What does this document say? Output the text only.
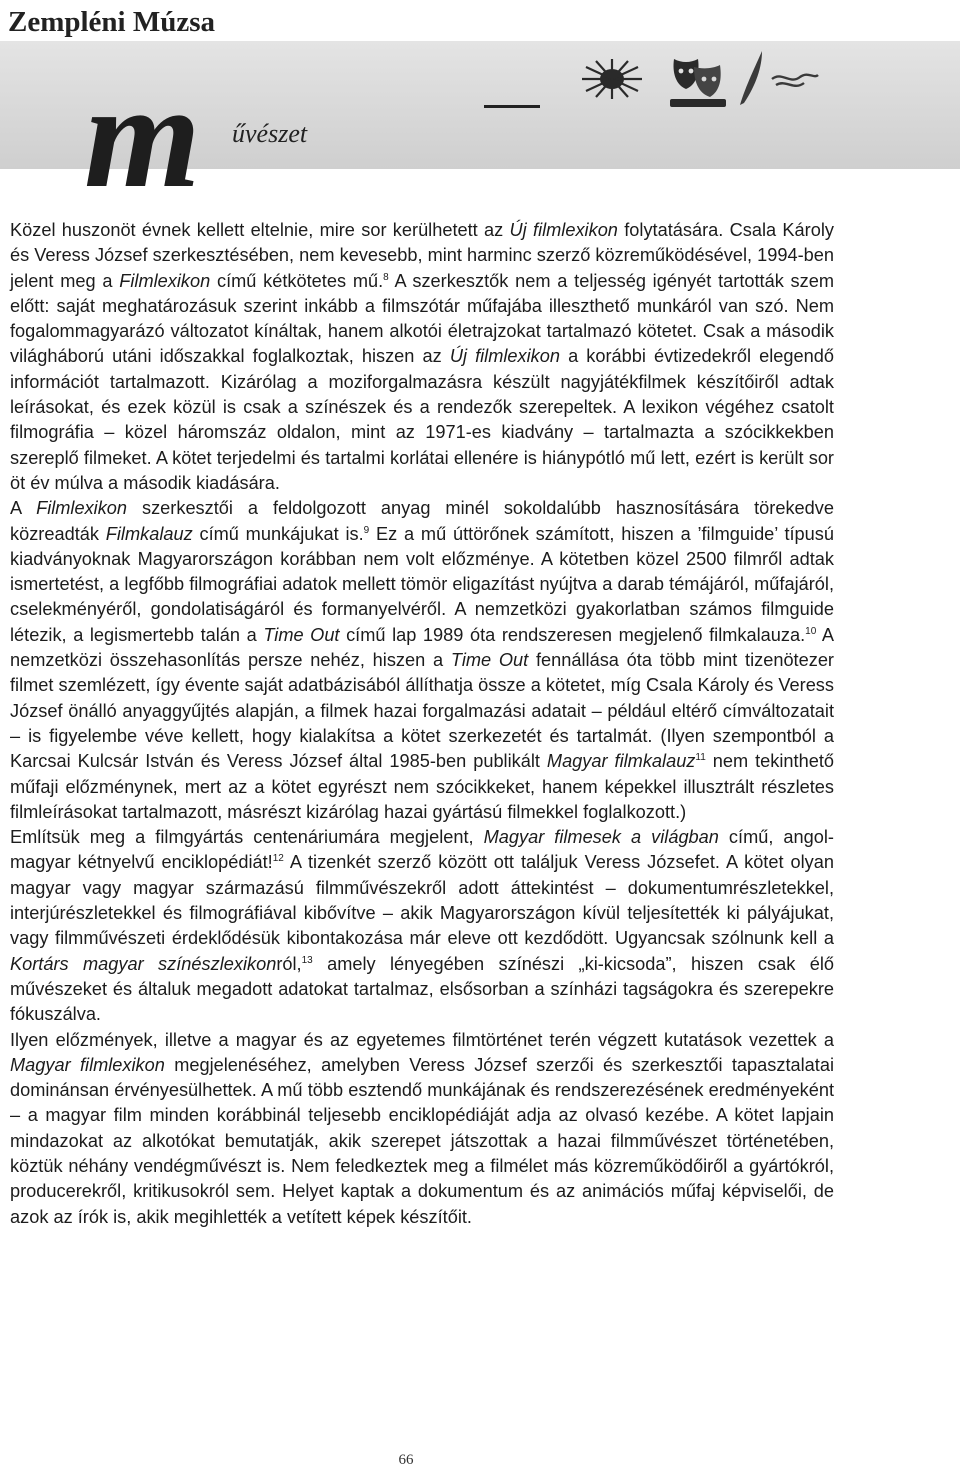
Zempléni Múzsa
m űvészet

Közel huszonöt évnek kellett eltelnie, mire sor kerülhetett az Új filmlexikon folytatására. Csala Károly és Veress József szerkesztésében, nem kevesebb, mint harminc szerző közreműködésével, 1994-ben jelent meg a Filmlexikon című kétkötetes mű.$^8$ A szerkesztők nem a teljesség igényét tartották szem előtt: saját meghatározásuk szerint inkább a filmszótár műfajába illeszthető munkáról van szó. Nem fogalommagyarázó változatot kínáltak, hanem alkotói életrajzokat tartalmazó kötetet. Csak a második világháború utáni időszakkal foglalkoztak, hiszen az Új filmlexikon a korábbi évtizedekről elegendő információt tartalmazott. Kizárólag a moziforgalmazásra készült nagyjátékfilmek készítőiről adtak leírásokat, és ezek közül is csak a színészek és a rendezők szerepeltek. A lexikon végéhez csatolt filmográfia – közel háromszáz oldalon, mint az 1971-es kiadvány – tartalmazta a szócikkekben szereplő filmeket. A kötet terjedelmi és tartalmi korlátai ellenére is hiánypótló mű lett, ezért is került sor öt év múlva a második kiadására.

A Filmlexikon szerkesztői a feldolgozott anyag minél sokoldalúbb hasznosítására törekedve közreadták Filmkalauz című munkájukat is.$^9$ Ez a mű úttörőnek számított, hiszen a ’filmguide’ típusú kiadványoknak Magyarországon korábban nem volt előzménye. A kötetben közel 2500 filmről adtak ismertetést, a legfőbb filmográfiai adatok mellett tömör eligazítást nyújtva a darab témájáról, műfajáról, cselekményéről, gondolatiságáról és formanyelvéről. A nemzetközi gyakorlatban számos filmguide létezik, a legismertebb talán a Time Out című lap 1989 óta rendszeresen megjelenő filmkalauza.$^{10}$ A nemzetközi összehasonlítás persze nehéz, hiszen a Time Out fennállása óta több mint tizenötezer filmet szemlézett, így évente saját adatbázisából állíthatja össze a kötetet, míg Csala Károly és Veress József önálló anyaggyűjtés alapján, a filmek hazai forgalmazási adatait – például eltérő címváltozatait – is figyelembe véve kellett, hogy kialakítsa a kötet szerkezetét és tartalmát. (Ilyen szempontból a Karcsai Kulcsár István és Veress József által 1985-ben publikált Magyar filmkalauz$^{11}$ nem tekinthető műfaji előzménynek, mert az a kötet egyrészt nem szócikkeket, hanem képekkel illusztrált részletes filmleírásokat tartalmazott, másrészt kizárólag hazai gyártású filmekkel foglalkozott.)

Említsük meg a filmgyártás centenáriumára megjelent, Magyar filmesek a világban című, angol-magyar kétnyelvű enciklopédiát!$^{12}$ A tizenkét szerző között ott találjuk Veress Józsefet. A kötet olyan magyar vagy magyar származású filmművészekről adott áttekintést – dokumentumrészletekkel, interjúrészletekkel és filmográfiával kibővítve – akik Magyarországon kívül teljesítették ki pályájukat, vagy filmművészeti érdeklődésük kibontakozása már eleve ott kezdődött. Ugyancsak szólnunk kell a Kortárs magyar színészlexikonról,$^{13}$ amely lényegében színészi „ki-kicsoda”, hiszen csak élő művészeket és általuk megadott adatokat tartalmaz, elsősorban a színházi tagságokra és szerepekre fókuszálva.

Ilyen előzmények, illetve a magyar és az egyetemes filmtörténet terén végzett kutatások vezettek a Magyar filmlexikon megjelenéséhez, amelyben Veress József szerzői és szerkesztői tapasztalatai dominánsan érvényesülhettek. A mű több esztendő munkájának és rendszerezésének eredményeként – a magyar film minden korábbinál teljesebb enciklopédiáját adja az olvasó kezébe. A kötet lapjain mindazokat az alkotókat bemutatják, akik szerepet játszottak a hazai filmművészet történetében, köztük néhány vendégművészt is. Nem feledkeztek meg a filmélet más közreműködőiről a gyártókról, producerekről, kritikusokról sem. Helyet kaptak a dokumentum és az animációs műfaj képviselői, de azok az írók is, akik megihlették a vetített képek készítőit.

66
